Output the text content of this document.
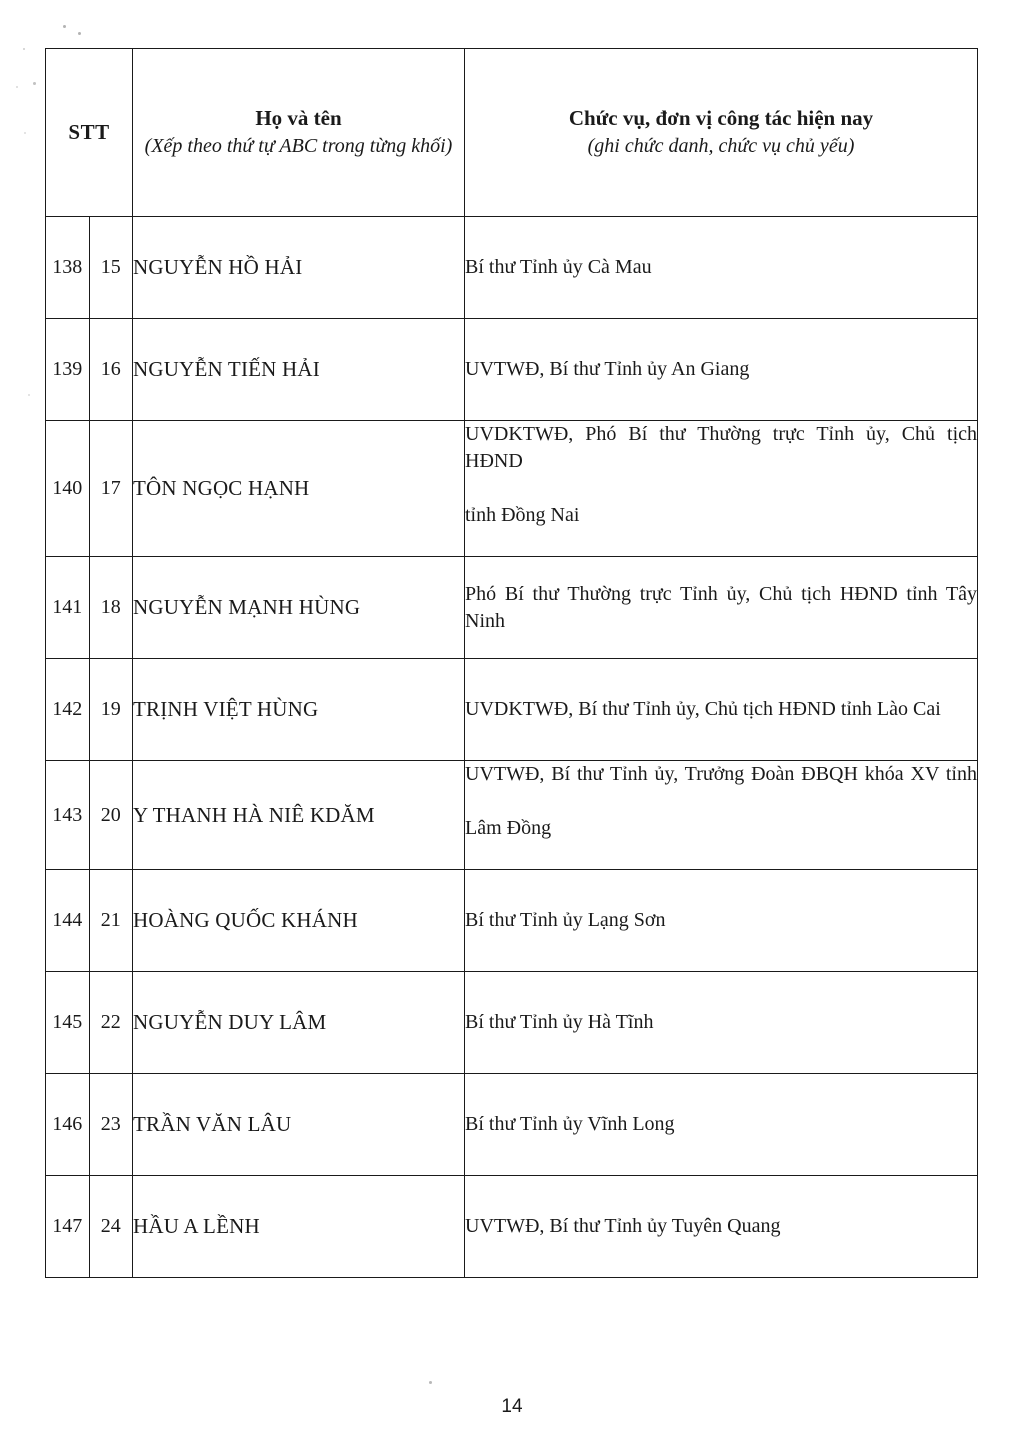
STT	
Họ và tên
(Xếp theo thứ tự ABC trong từng khối)

Chức vụ, đơn vị công tác hiện nay
(ghi chức danh, chức vụ chủ yếu)

138	15	NGUYỄN HỒ HẢI	Bí thư Tỉnh ủy Cà Mau
139	16	NGUYỄN TIẾN HẢI	UVTWĐ, Bí thư Tỉnh ủy An Giang
140	17	TÔN NGỌC HẠNH	UVDKTWĐ, Phó Bí thư Thường trực Tỉnh ủy, Chủ tịch HĐND
tỉnh Đồng Nai

141	18	NGUYỄN MẠNH HÙNG	Phó Bí thư Thường trực Tỉnh ủy, Chủ tịch HĐND tỉnh Tây Ninh
142	19	TRỊNH VIỆT HÙNG	UVDKTWĐ, Bí thư Tỉnh ủy, Chủ tịch HĐND tỉnh Lào Cai
143	20	Y THANH HÀ NIÊ KDĂM	UVTWĐ, Bí thư Tỉnh ủy, Trưởng Đoàn ĐBQH khóa XV tỉnh
Lâm Đồng

144	21	HOÀNG QUỐC KHÁNH	Bí thư Tỉnh ủy Lạng Sơn
145	22	NGUYỄN DUY LÂM	Bí thư Tỉnh ủy Hà Tĩnh
146	23	TRẦN VĂN LÂU	Bí thư Tỉnh ủy Vĩnh Long
147	24	HẦU A LỀNH	UVTWĐ, Bí thư Tỉnh ủy Tuyên Quang
14
